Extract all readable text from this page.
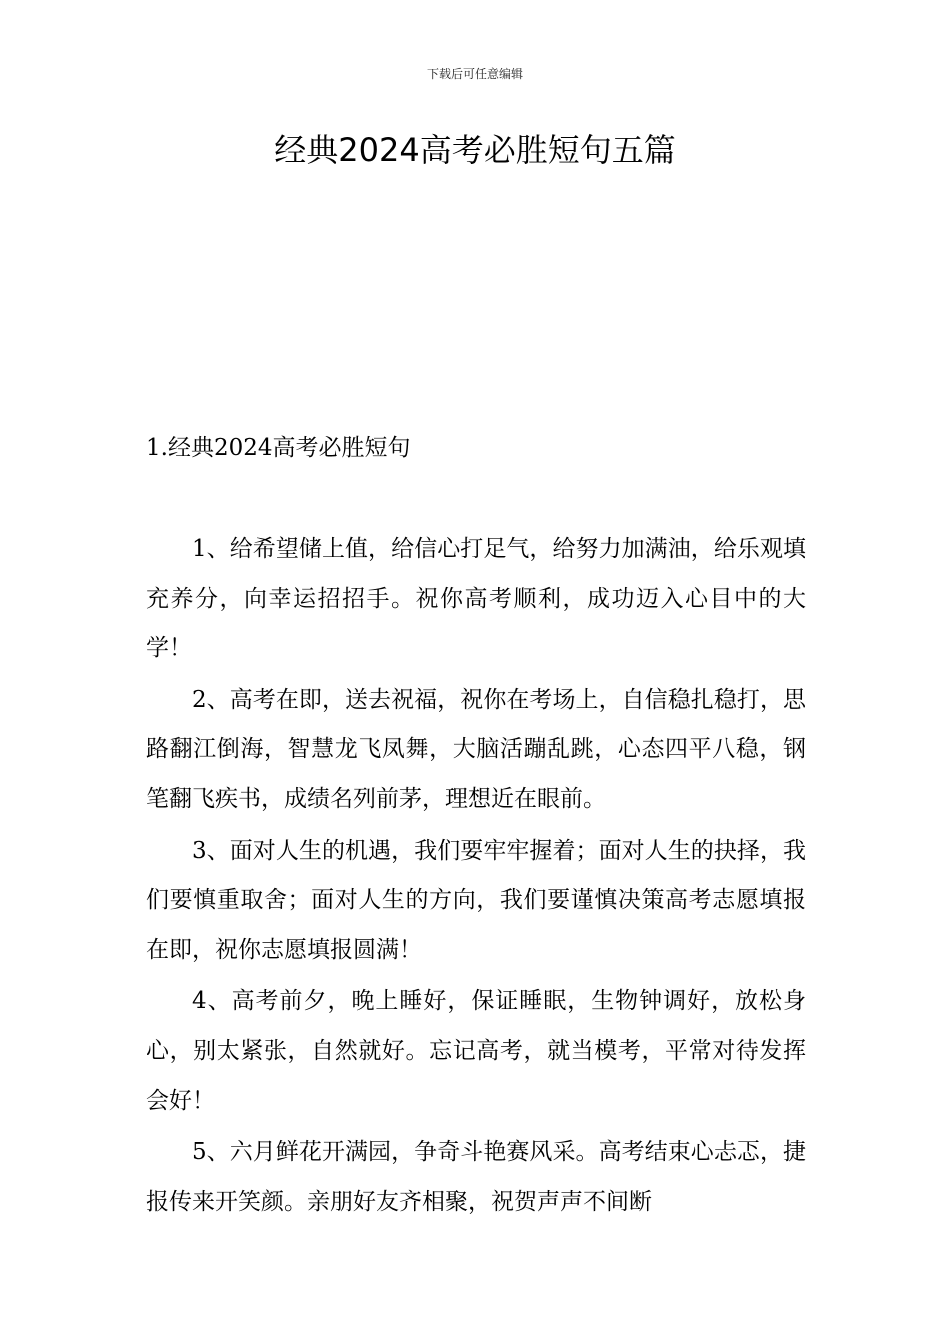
下载后可任意编辑
经典2024高考必胜短句五篇
1.经典2024高考必胜短句

1、给希望储上值，给信心打足气，给努力加满油，给乐观填充养分，向幸运招招手。祝你高考顺利，成功迈入心目中的大学！

2、高考在即，送去祝福，祝你在考场上，自信稳扎稳打，思路翻江倒海，智慧龙飞凤舞，大脑活蹦乱跳，心态四平八稳，钢笔翻飞疾书，成绩名列前茅，理想近在眼前。

3、面对人生的机遇，我们要牢牢握着；面对人生的抉择，我们要慎重取舍；面对人生的方向，我们要谨慎决策高考志愿填报在即，祝你志愿填报圆满！

4、高考前夕，晚上睡好，保证睡眠，生物钟调好，放松身心，别太紧张，自然就好。忘记高考，就当模考，平常对待发挥会好！

5、六月鲜花开满园，争奇斗艳赛风采。高考结束心忐忑，捷报传来开笑颜。亲朋好友齐相聚，祝贺声声不间断
